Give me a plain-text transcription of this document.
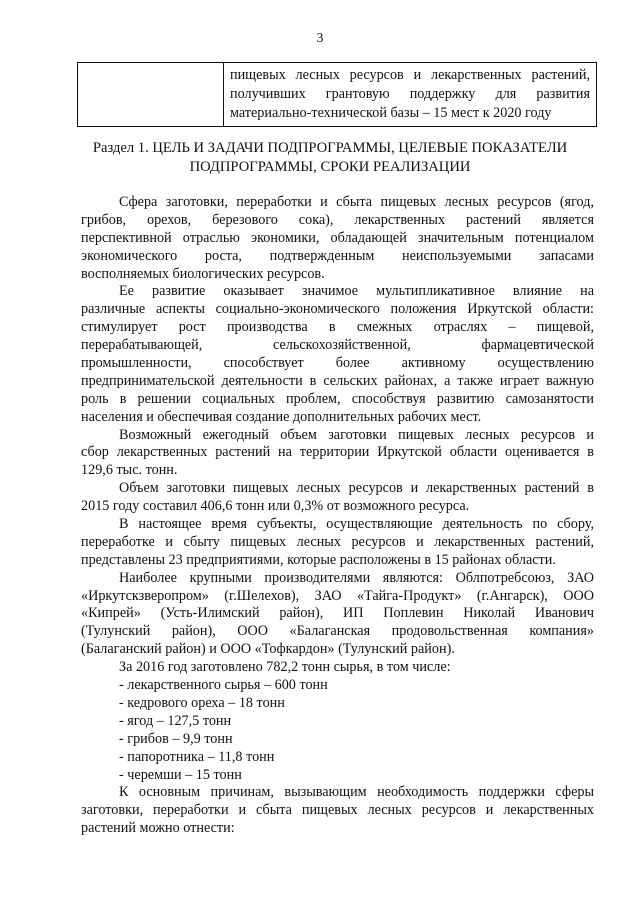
3

пищевых лесных ресурсов и лекарственных растений,
получивших грантовую поддержку для развития
материально-технической базы – 15 мест к 2020 году
Раздел 1. ЦЕЛЬ И ЗАДАЧИ ПОДПРОГРАММЫ, ЦЕЛЕВЫЕ ПОКАЗАТЕЛИ
ПОДПРОГРАММЫ, СРОКИ РЕАЛИЗАЦИИ
Сфера заготовки, переработки и сбыта пищевых лесных ресурсов (ягод,
грибов, орехов, березового сока), лекарственных растений является
перспективной отраслью экономики, обладающей значительным потенциалом
экономического роста, подтвержденным неиспользуемыми запасами
восполняемых биологических ресурсов.
Ее развитие оказывает значимое мультипликативное влияние на
различные аспекты социально-экономического положения Иркутской области:
стимулирует рост производства в смежных отраслях – пищевой,
перерабатывающей, сельскохозяйственной, фармацевтической
промышленности, способствует более активному осуществлению
предпринимательской деятельности в сельских районах, а также играет важную
роль в решении социальных проблем, способствуя развитию самозанятости
населения и обеспечивая создание дополнительных рабочих мест.
Возможный ежегодный объем заготовки пищевых лесных ресурсов и
сбор лекарственных растений на территории Иркутской области оценивается в
129,6 тыс. тонн.
Объем заготовки пищевых лесных ресурсов и лекарственных растений в
2015 году составил 406,6 тонн или 0,3% от возможного ресурса.
В настоящее время субъекты, осуществляющие деятельность по сбору,
переработке и сбыту пищевых лесных ресурсов и лекарственных растений,
представлены 23 предприятиями, которые расположены в 15 районах области.
Наиболее крупными производителями являются: Облпотребсоюз, ЗАО
«Иркутскзверопром» (г.Шелехов), ЗАО «Тайга-Продукт» (г.Ангарск), ООО
«Кипрей» (Усть-Илимский район), ИП Поплевин Николай Иванович
(Тулунский район), ООО «Балаганская продовольственная компания»
(Балаганский район) и ООО «Тофкардон» (Тулунский район).
За 2016 год заготовлено 782,2 тонн сырья, в том числе:
- лекарственного сырья – 600 тонн
- кедрового ореха – 18 тонн
- ягод – 127,5 тонн
- грибов – 9,9 тонн
- папоротника – 11,8 тонн
- черемши – 15 тонн
К основным причинам, вызывающим необходимость поддержки сферы
заготовки, переработки и сбыта пищевых лесных ресурсов и лекарственных
растений можно отнести:
